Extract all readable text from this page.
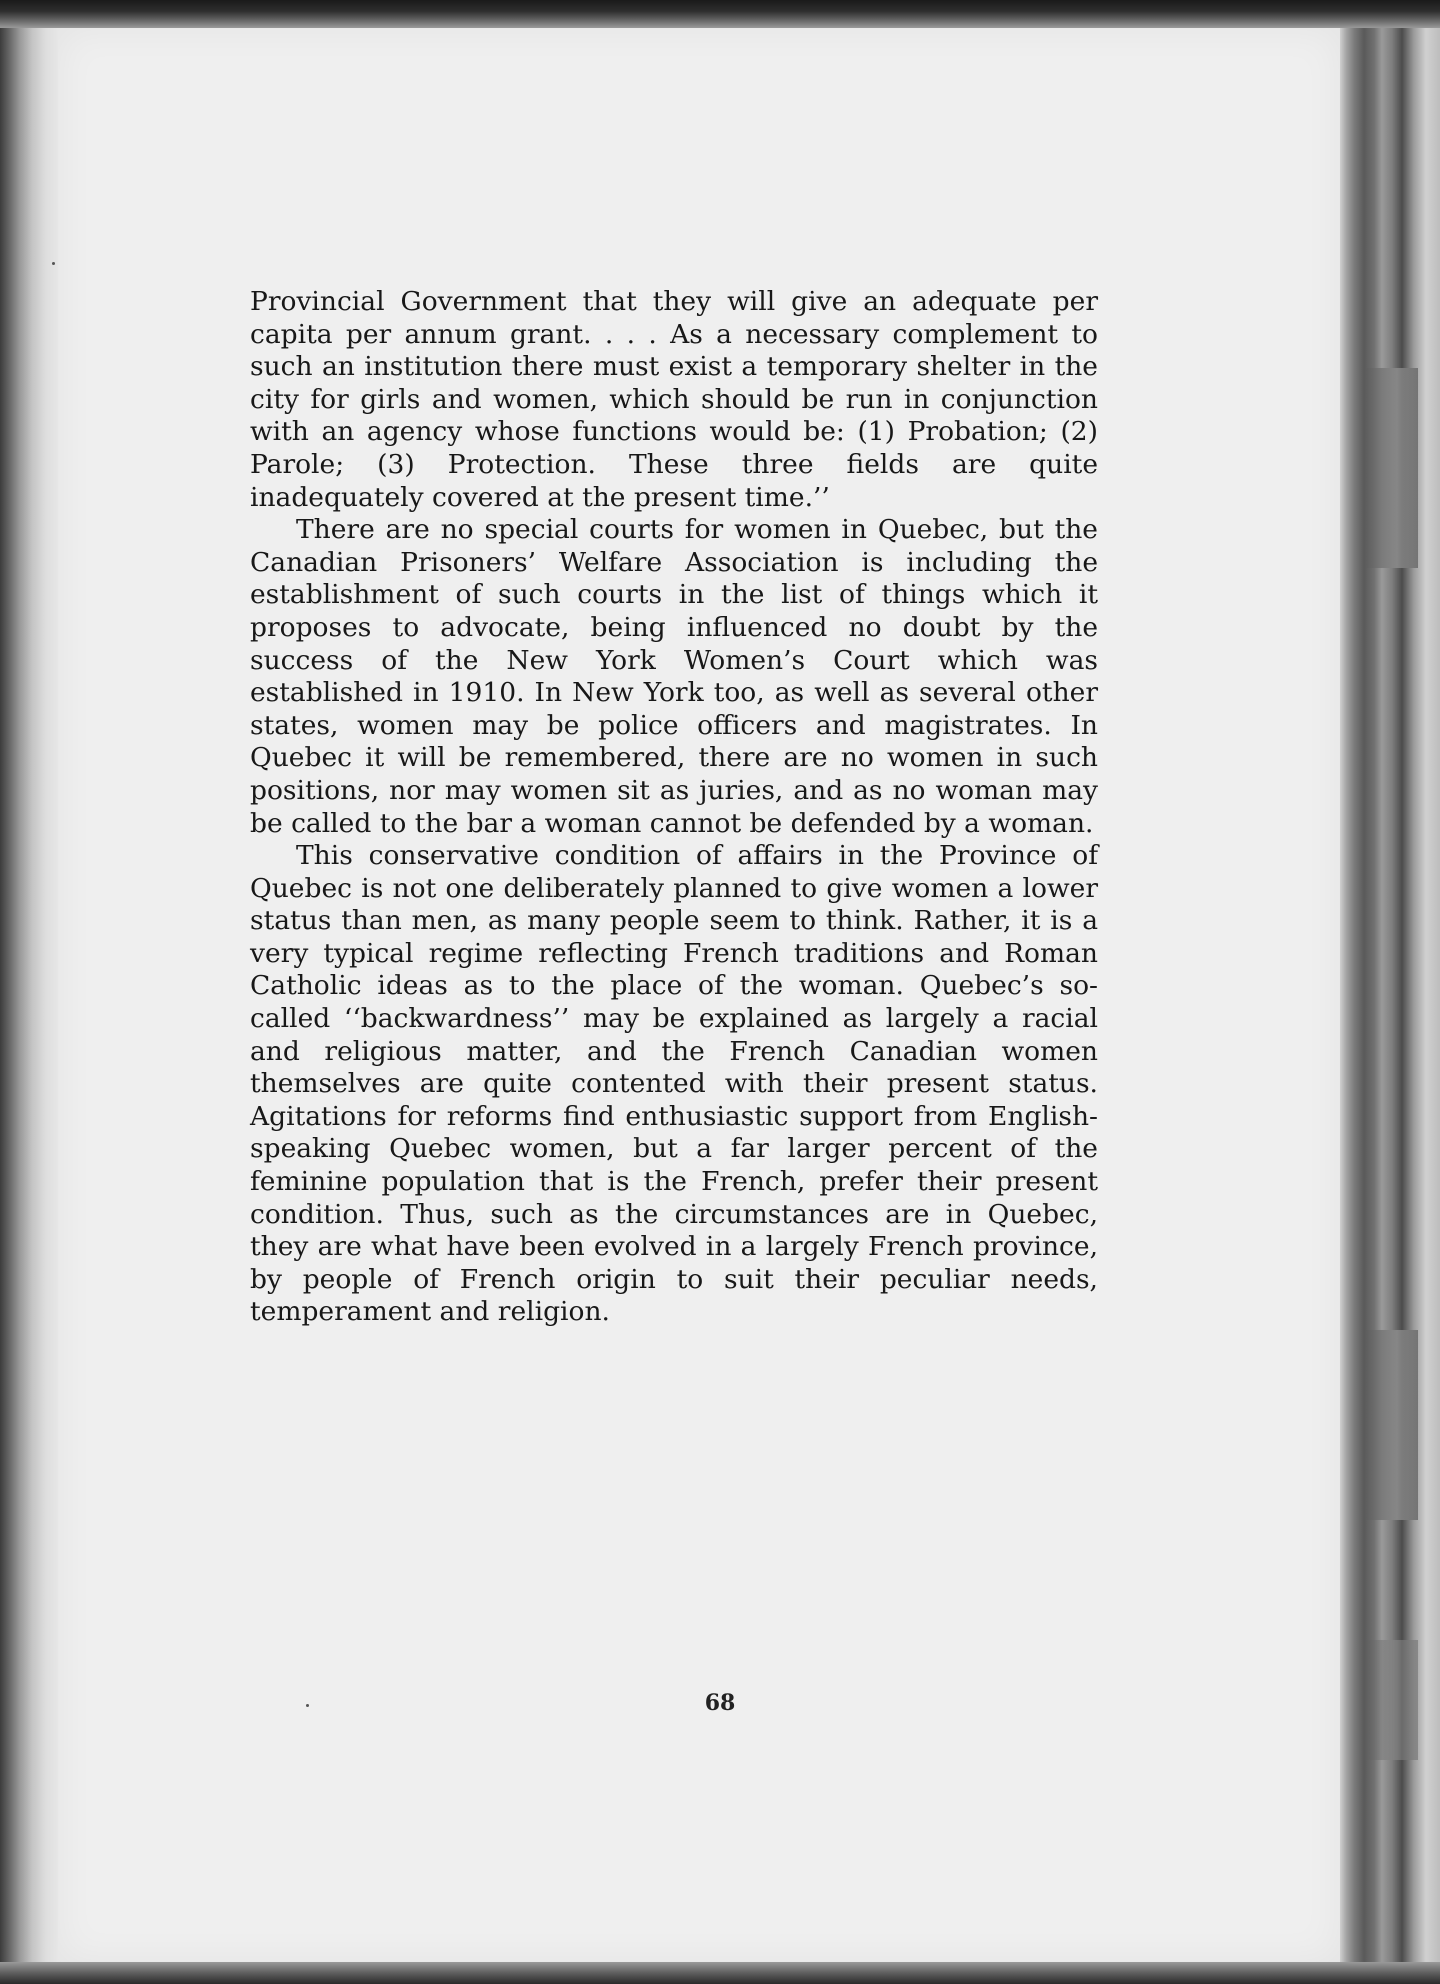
Provincial Government that they will give an adequate per capita per annum grant. . . . As a necessary complement to such an institution there must exist a temporary shelter in the city for girls and women, which should be run in conjunction with an agency whose functions would be: (1) Probation; (2) Parole; (3) Protection. These three fields are quite inadequately covered at the present time.’’

There are no special courts for women in Quebec, but the Canadian Prisoners’ Welfare Association is including the establishment of such courts in the list of things which it proposes to advocate, being influenced no doubt by the success of the New York Women’s Court which was established in 1910. In New York too, as well as several other states, women may be police officers and magistrates. In Quebec it will be remembered, there are no women in such positions, nor may women sit as juries, and as no woman may be called to the bar a woman cannot be defended by a woman.

This conservative condition of affairs in the Province of Quebec is not one deliberately planned to give women a lower status than men, as many people seem to think. Rather, it is a very typical regime reflecting French traditions and Roman Catholic ideas as to the place of the woman. Quebec’s so-called ‘‘backwardness’’ may be explained as largely a racial and religious matter, and the French Canadian women themselves are quite contented with their present status. Agitations for reforms find enthusiastic support from English-speaking Quebec women, but a far larger percent of the feminine population that is the French, prefer their present condition. Thus, such as the circumstances are in Quebec, they are what have been evolved in a largely French province, by people of French origin to suit their peculiar needs, temperament and religion.

68
